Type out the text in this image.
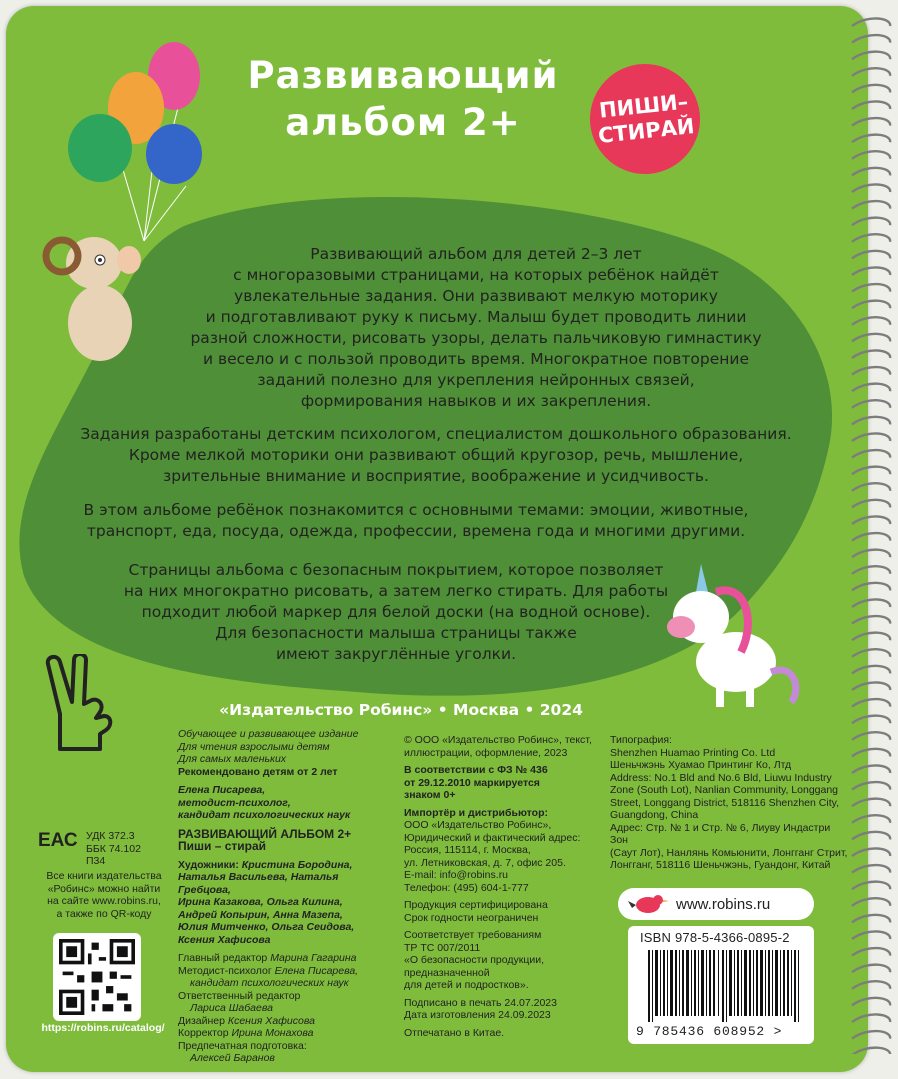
Развивающий
альбом 2+	ПИШИ–
СТИРАЙ
Развивающий альбом для детей 2–3 лет
с многоразовыми страницами, на которых ребёнок найдёт
увлекательные задания. Они развивают мелкую моторику
и подготавливают руку к письму. Малыш будет проводить линии
разной сложности, рисовать узоры, делать пальчиковую гимнастику
и весело и с пользой проводить время. Многократное повторение
заданий полезно для укрепления нейронных связей,
формирования навыков и их закрепления.
Задания разработаны детским психологом, специалистом дошкольного образования.
Кроме мелкой моторики они развивают общий кругозор, речь, мышление,
зрительные внимание и восприятие, воображение и усидчивость.
В этом альбоме ребёнок познакомится с основными темами: эмоции, животные,
транспорт, еда, посуда, одежда, профессии, времена года и многими другими.
Страницы альбома с безопасным покрытием, которое позволяет
на них многократно рисовать, а затем легко стирать. Для работы
подходит любой маркер для белой доски (на водной основе).
Для безопасности малыша страницы также
имеют закруглённые уголки.
«Издательство Робинс» • Москва • 2024
ЕАС УДК 372.3
ББК 74.102
П34
Все книги издательства
«Робинс» можно найти
на сайте www.robins.ru,
а также по QR-коду
https://robins.ru/catalog/
Обучающее и развивающее издание
Для чтения взрослыми детям
Для самых маленьких
Рекомендовано детям от 2 лет
Елена Писарева,
методист-психолог,
кандидат психологических наук
РАЗВИВАЮЩИЙ АЛЬБОМ 2+
Пиши – стирай
Художники: Кристина Бородина,
Наталья Васильева, Наталья Гребцова,
Ирина Казакова, Ольга Килина,
Андрей Копырин, Анна Мазепа,
Юлия Митченко, Ольга Сеидова,
Ксения Хафисова
Главный редактор Марина Гагарина
Методист-психолог Елена Писарева,
кандидат психологических наук
Ответственный редактор
Лариса Шабаева
Дизайнер Ксения Хафисова
Корректор Ирина Монахова
Предпечатная подготовка:
Алексей Баранов
© ООО «Издательство Робинс», текст,
иллюстрации, оформление, 2023
В соответствии с ФЗ № 436
от 29.12.2010 маркируется
знаком 0+
Импортёр и дистрибьютор:
ООО «Издательство Робинс»,
Юридический и фактический адрес:
Россия, 115114, г. Москва,
ул. Летниковская, д. 7, офис 205.
E-mail: info@robins.ru
Телефон: (495) 604-1-777
Продукция сертифицирована
Срок годности неограничен
Соответствует требованиям
ТР ТС 007/2011
«О безопасности продукции,
предназначенной
для детей и подростков».
Подписано в печать 24.07.2023
Дата изготовления 24.09.2023
Отпечатано в Китае.
Типография:
Shenzhen Huamao Printing Co. Ltd
Шеньчжэнь Хуамао Принтинг Ко, Лтд
Address: No.1 Bld and No.6 Bld, Liuwu Industry
Zone (South Lot), Nanlian Community, Longgang
Street, Longgang District, 518116 Shenzhen City,
Guangdong, China
Адрес: Стр. № 1 и Стр. № 6, Лиуву Индастри Зон
(Саут Лот), Нанлянь Комьюнити, Лонгганг Стрит,
Лонгганг, 518116 Шеньчжэнь, Гуандонг, Китай
www.robins.ru
ISBN 978-5-4366-0895-2
9 785436 608952 >
